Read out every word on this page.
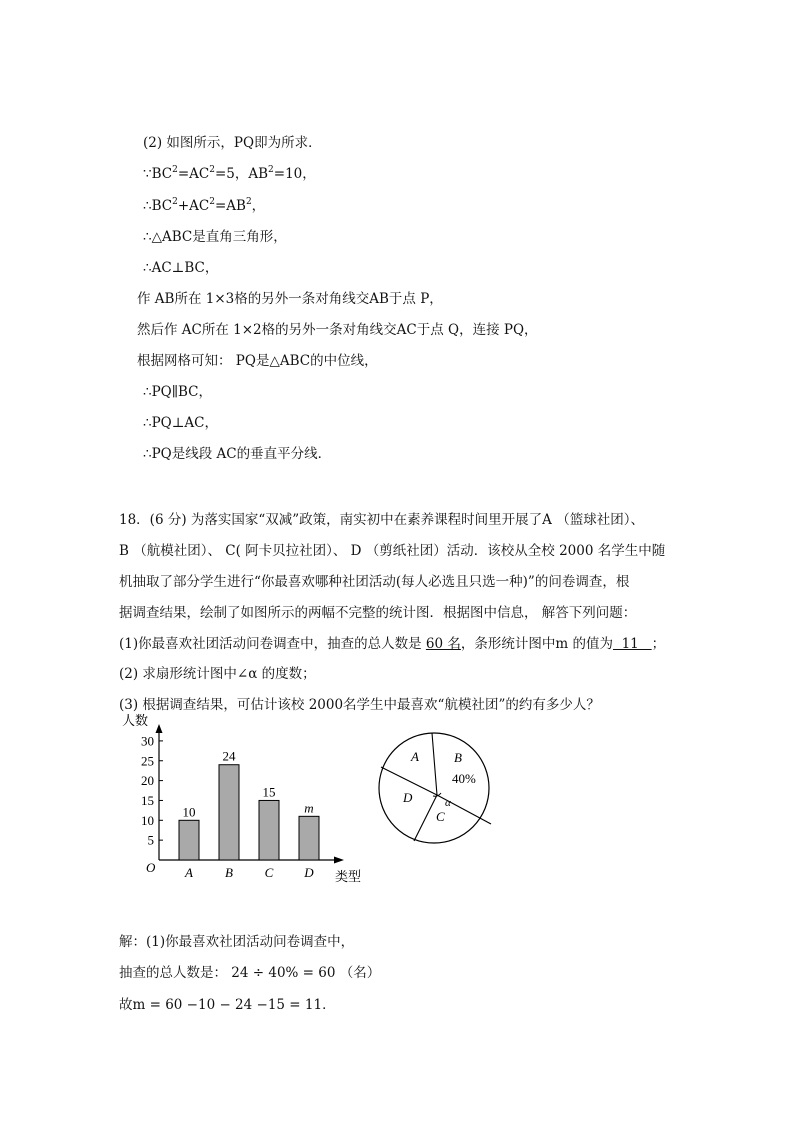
(2) 如图所示，PQ即为所求．
$\because BC^2=AC^2=5$，$AB^2=10$，
$\therefore BC^2+AC^2=AB^2$，
∴△ABC是直角三角形，
∴AC⊥BC，
作 AB所在 1×3格的另外一条对角线交AB于点 P，
然后作 AC所在 1×2格的另外一条对角线交AC于点 Q，连接 PQ，
根据网格可知： PQ是△ABC的中位线，
∴PQ∥BC，
∴PQ⊥AC，
∴PQ是线段 AC的垂直平分线．
18．(6 分) 为落实国家“双减”政策，南实初中在素养课程时间里开展了A （篮球社团）、
B （航模社团）、 C( 阿卡贝拉社团）、 D （剪纸社团）活动．该校从全校 2000 名学生中随
机抽取了部分学生进行“你最喜欢哪种社团活动(每人必选且只选一种)”的问卷调查，根
据调查结果，绘制了如图所示的两幅不完整的统计图．根据图中信息， 解答下列问题：
(1)你最喜欢社团活动问卷调查中，抽查的总人数是 60 名，条形统计图中m 的值为  11   ；
(2) 求扇形统计图中∠α 的度数；
(3) 根据调查结果，可估计该校 2000名学生中最喜欢“航模社团”的约有多少人？
人数
O
类型
5
10
15
20
25
30
10
A
24
B
15
C
m
D
A	B
40%
D	α
C
解：(1)你最喜欢社团活动问卷调查中，
抽查的总人数是： 24 ÷ 40% = 60 （名）
故m = 60 −10 − 24 −15 = 11．
